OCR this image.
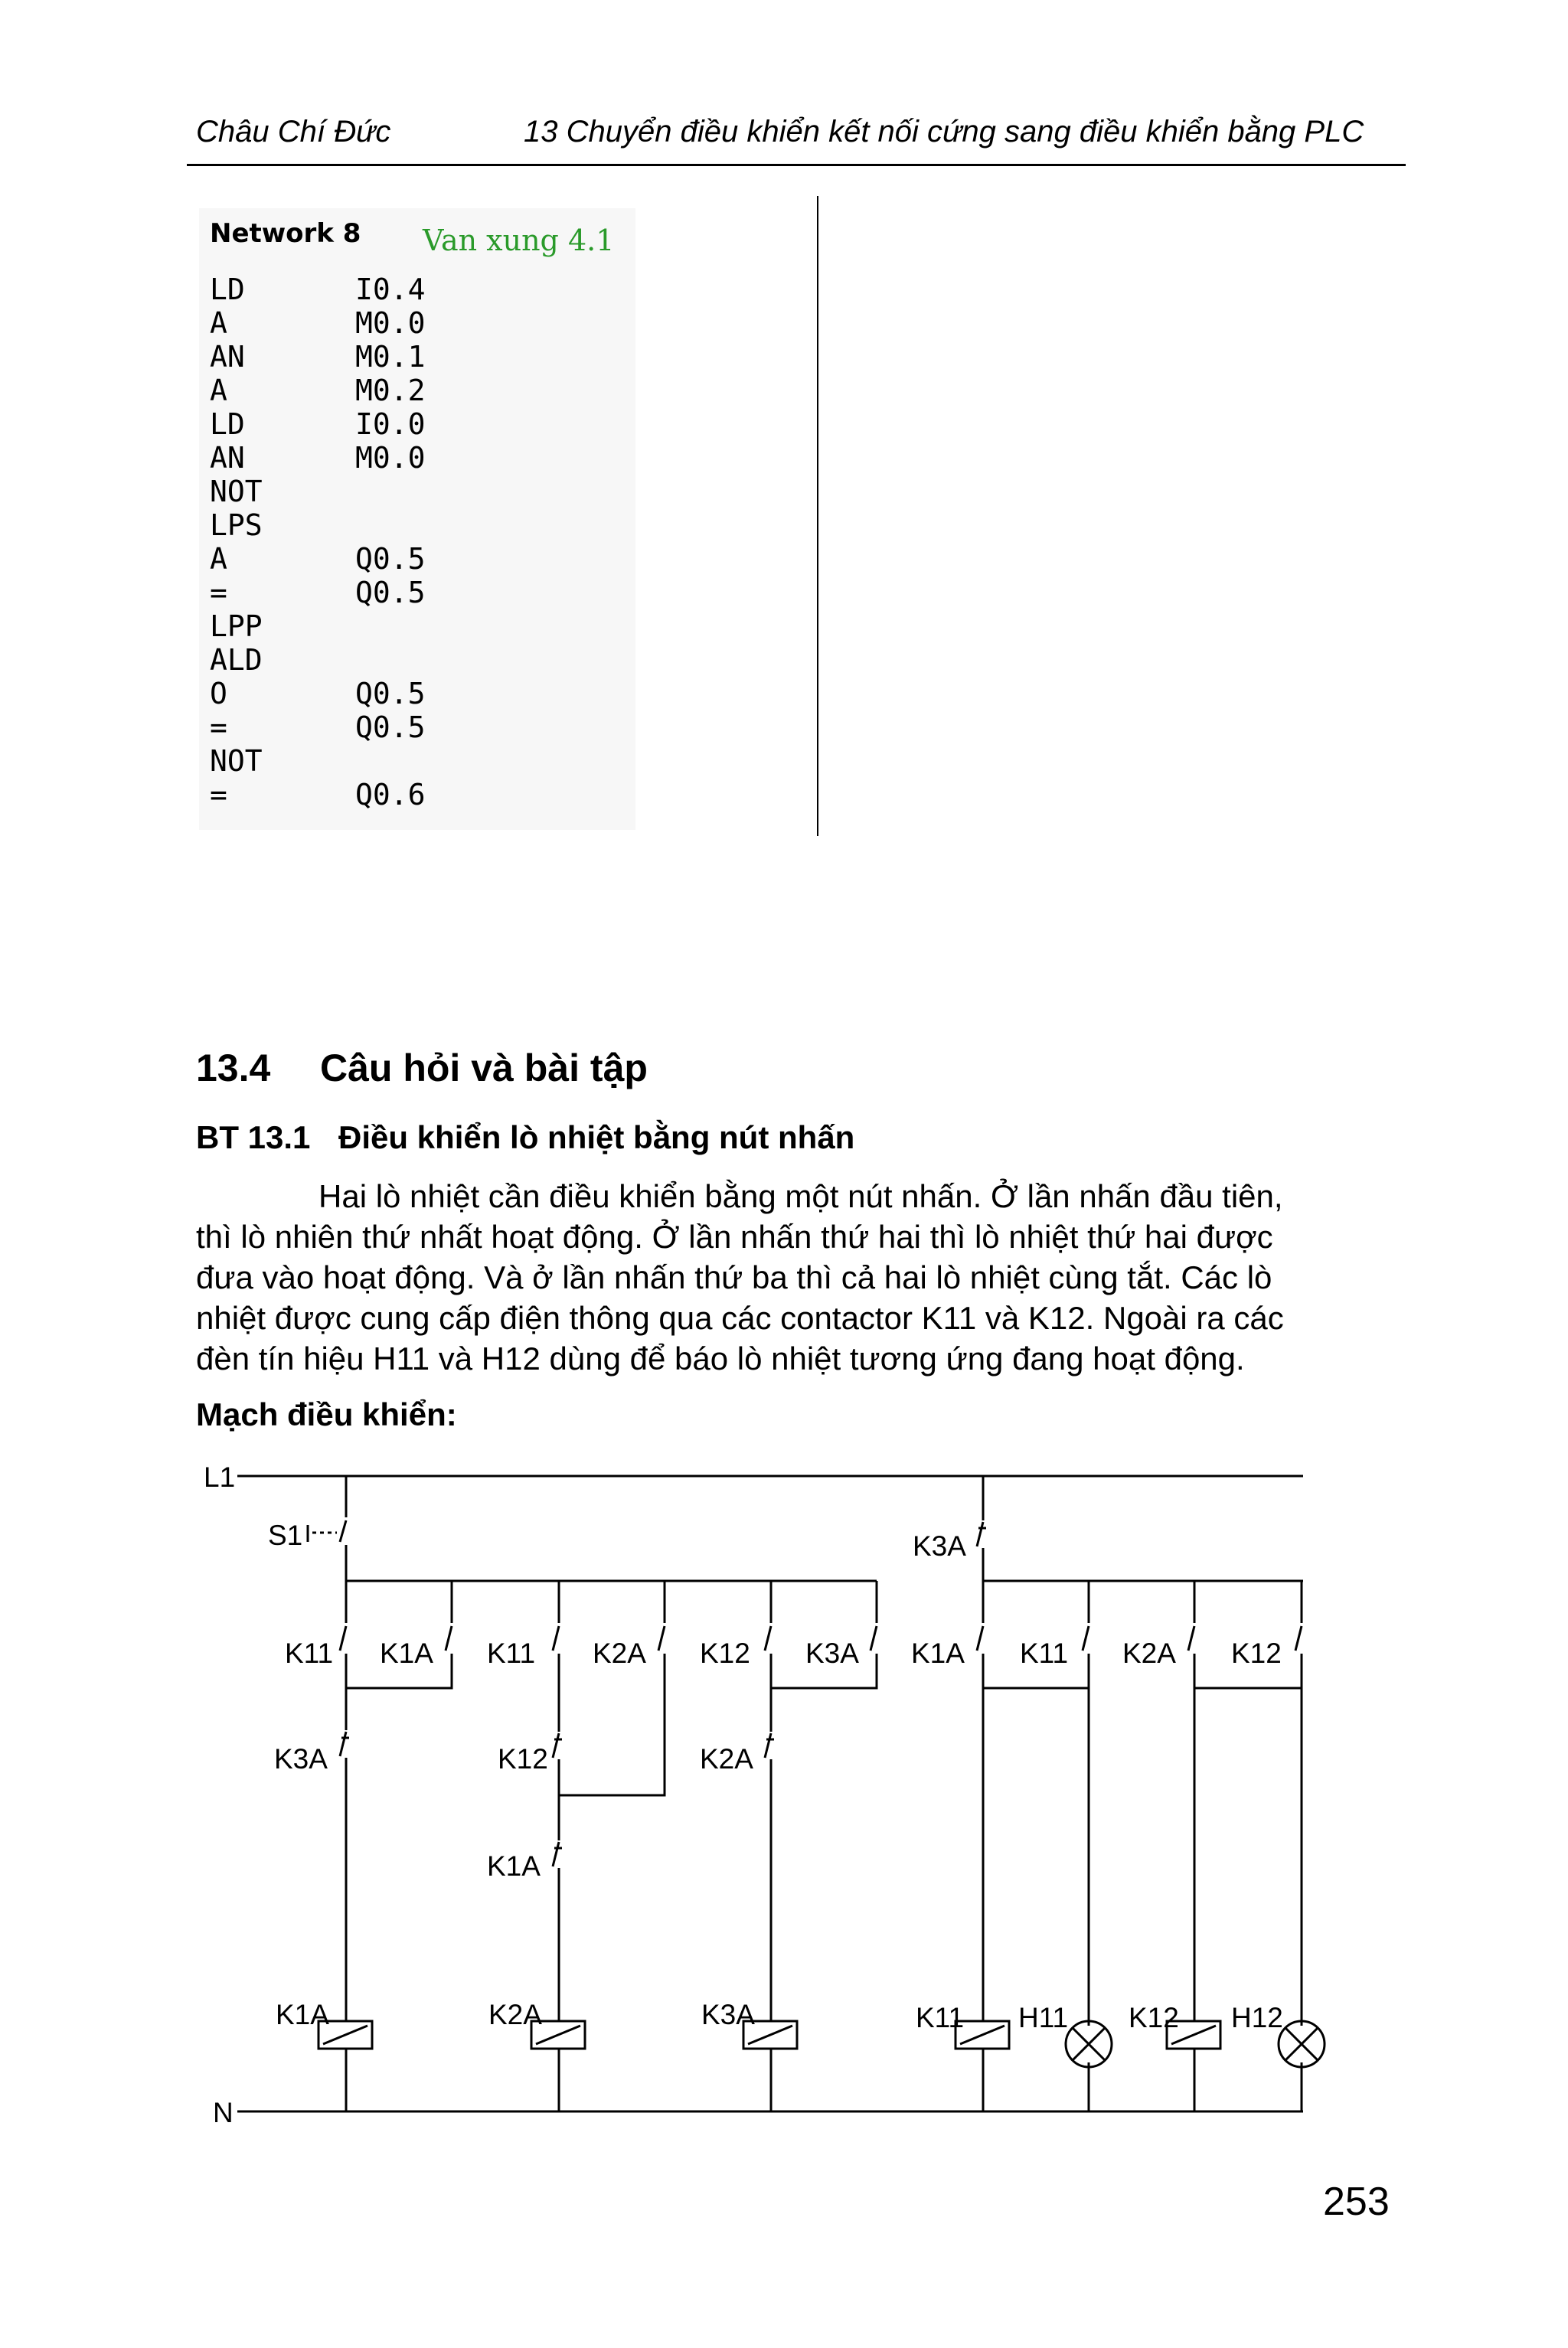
Châu Chí Đức	13 Chuyển điều khiển kết nối cứng sang điều khiển bằng PLC
Network 8 Van xung 4.1
LD	I0.4
A	M0.0
AN	M0.1
A	M0.2
LD	I0.0
AN	M0.0
NOT
LPS
A	Q0.5
=	Q0.5
LPP
ALD
O	Q0.5
=	Q0.5
NOT
=	Q0.6
13.4 Câu hỏi và bài tập
BT 13.1 Điều khiển lò nhiệt bằng nút nhấn

Hai lò nhiệt cần điều khiển bằng một nút nhấn. Ở lần nhấn đầu tiên,

thì lò nhiên thứ nhất hoạt động. Ở lần nhấn thứ hai thì lò nhiệt thứ hai được

đưa vào hoạt động. Và ở lần nhấn thứ ba thì cả hai lò nhiệt cùng tắt. Các lò

nhiệt được cung cấp điện thông qua các contactor K11 và K12. Ngoài ra các

đèn tín hiệu H11 và H12 dùng để báo lò nhiệt tương ứng đang hoạt động.

Mạch điều khiển:
L1
N
S1	K3A
K11 K1A K11 K2A K12 K3A K1A K11 K2A K12
K3A	K12	K2A
K1A
K1A	K2A	K3A	K11 H11 K12 H12
253
